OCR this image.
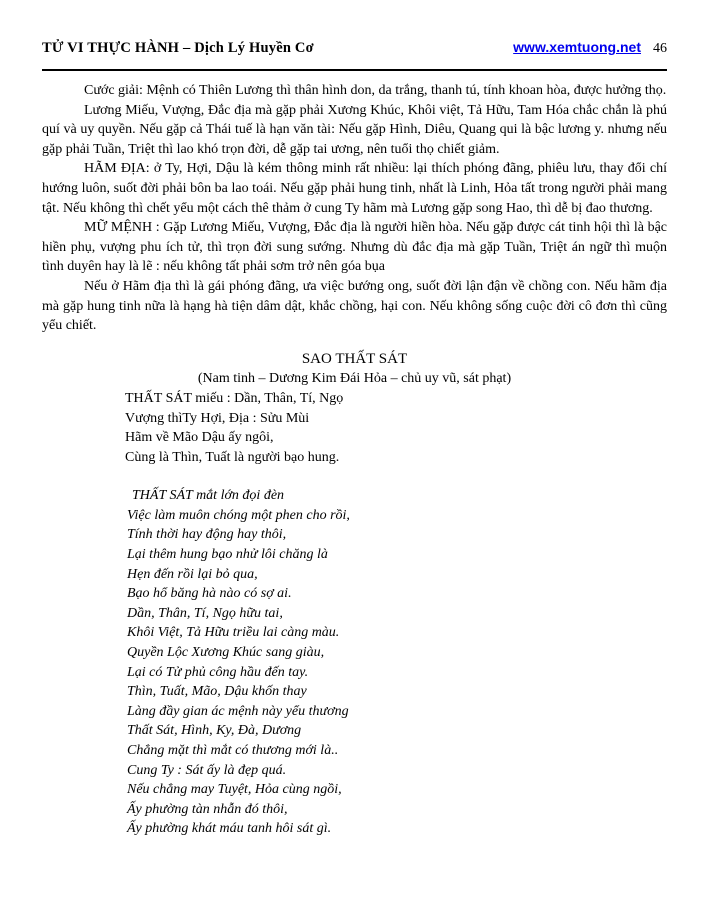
TỬ VI THỰC HÀNH – Dịch Lý Huyền Cơ	www.xemtuong.net 46

Cước giải: Mệnh có Thiên Lương thì thân hình don, da trắng, thanh tú, tính khoan hòa, được hưởng thọ.

Lương Miếu, Vượng, Đắc địa mà gặp phải Xương Khúc, Khôi việt, Tả Hữu, Tam Hóa chắc chắn là phú quí và uy quyền. Nếu gặp cả Thái tuế là hạn văn tài: Nếu gặp Hình, Diêu, Quang qui là bậc lương y. nhưng nếu gặp phải Tuần, Triệt thì lao khó trọn đời, dễ gặp tai ương, nên tuổi thọ chiết giảm.

HÃM ĐỊA: ở Ty, Hợi, Dậu là kém thông minh rất nhiều: lại thích phóng đãng, phiêu lưu, thay đổi chí hướng luôn, suốt đời phải bôn ba lao toái. Nếu gặp phải hung tinh, nhất là Linh, Hỏa tất trong người phải mang tật. Nếu không thì chết yểu một cách thê thảm ở cung Ty hãm mà Lương gặp song Hao, thì dễ bị đao thương.

MỮ MỆNH : Gặp Lương Miếu, Vượng, Đắc địa là người hiền hòa. Nếu gặp được cát tinh hội thì là bậc hiền phụ, vượng phu ích tử, thì trọn đời sung sướng. Nhưng dù đắc địa mà gặp Tuần, Triệt án ngữ thì muộn tình duyên hay là lẽ : nếu không tất phải sơm trở nên góa bụa

Nếu ở Hãm địa thì là gái phóng đãng, ưa việc bướng ong, suốt đời lận đận về chồng con. Nếu hãm địa mà gặp hung tinh nữa là hạng hà tiện dâm dật, khắc chồng, hại con. Nếu không sống cuộc đời cô đơn thì cũng yểu chiết.

SAO THẤT SÁT
(Nam tinh – Dương Kim Đái Hỏa – chủ uy vũ, sát phạt)
THẤT SÁT miếu : Dần, Thân, Tí, Ngọ
Vượng thìTy Hợi, Địa : Sửu Mùi
Hãm về Mão Dậu ấy ngôi,
Cùng là Thìn, Tuất là người bạo hung.
THẤT SÁT mắt lớn đọi đèn
Việc làm muôn chóng một phen cho rồi,
Tính thời hay động hay thôi,
Lại thêm hung bạo nhử lôi chăng là
Hẹn đến rồi lại bỏ qua,
Bạo hổ băng hà nào có sợ ai.
Dần, Thân, Tí, Ngọ hữu tai,
Khôi Việt, Tả Hữu triều lai càng màu.
Quyền Lộc Xương Khúc sang giàu,
Lại có Tử phủ công hầu đến tay.
Thìn, Tuất, Mão, Dậu khốn thay
Làng đầy gian ác mệnh này yểu thương
Thất Sát, Hình, Ky, Đà, Dương
Chẳng mặt thì mắt có thương mới là..
Cung Ty : Sát ấy là đẹp quá.
Nếu chẳng may Tuyệt, Hỏa cùng ngồi,
Ấy phường tàn nhẫn đó thôi,
Ấy phường khát máu tanh hôi sát gì.
